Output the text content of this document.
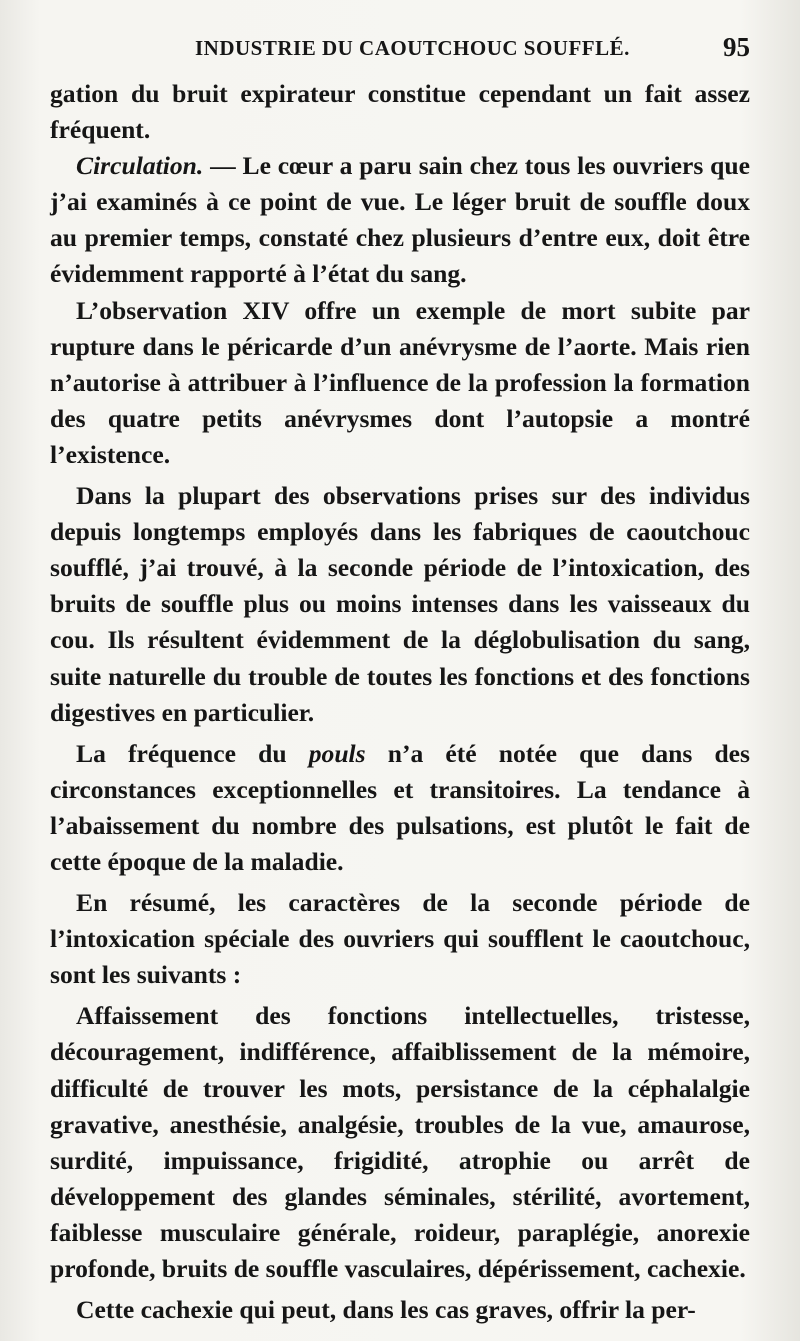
INDUSTRIE DU CAOUTCHOUC SOUFFLÉ.	95

gation du bruit expirateur constitue cependant un fait assez fréquent.

Circulation. — Le cœur a paru sain chez tous les ouvriers que j’ai examinés à ce point de vue. Le léger bruit de souffle doux au premier temps, constaté chez plusieurs d’entre eux, doit être évidemment rapporté à l’état du sang.

L’observation XIV offre un exemple de mort subite par rupture dans le péricarde d’un anévrysme de l’aorte. Mais rien n’autorise à attribuer à l’influence de la profession la formation des quatre petits anévrysmes dont l’autopsie a montré l’existence.

Dans la plupart des observations prises sur des individus depuis longtemps employés dans les fabriques de caoutchouc soufflé, j’ai trouvé, à la seconde période de l’intoxication, des bruits de souffle plus ou moins intenses dans les vaisseaux du cou. Ils résultent évidemment de la déglobulisation du sang, suite naturelle du trouble de toutes les fonctions et des fonctions digestives en particulier.

La fréquence du pouls n’a été notée que dans des circonstances exceptionnelles et transitoires. La tendance à l’abaissement du nombre des pulsations, est plutôt le fait de cette époque de la maladie.

En résumé, les caractères de la seconde période de l’intoxication spéciale des ouvriers qui soufflent le caoutchouc, sont les suivants :

Affaissement des fonctions intellectuelles, tristesse, découragement, indifférence, affaiblissement de la mémoire, difficulté de trouver les mots, persistance de la céphalalgie gravative, anesthésie, analgésie, troubles de la vue, amaurose, surdité, impuissance, frigidité, atrophie ou arrêt de développement des glandes séminales, stérilité, avortement, faiblesse musculaire générale, roideur, paraplégie, anorexie profonde, bruits de souffle vasculaires, dépérissement, cachexie.

Cette cachexie qui peut, dans les cas graves, offrir la per-
